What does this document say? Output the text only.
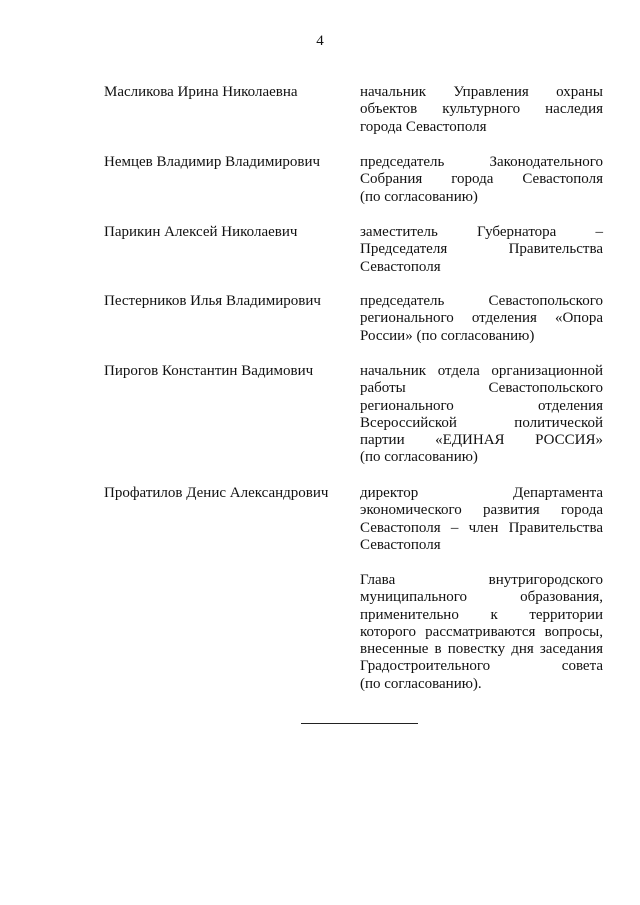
4
Масликова Ирина Николаевна	начальник Управления охраны
объектов культурного наследия
города Севастополя
Немцев Владимир Владимирович	председатель Законодательного
Собрания города Севастополя
(по согласованию)
Парикин Алексей Николаевич	заместитель Губернатора –
Председателя Правительства
Севастополя
Пестерников Илья Владимирович	председатель Севастопольского
регионального отделения «Опора
России» (по согласованию)
Пирогов Константин Вадимович	начальник отдела организационной
работы Севастопольского
регионального отделения
Всероссийской политической
партии «ЕДИНАЯ РОССИЯ»
(по согласованию)
Профатилов Денис Александрович	директор Департамента
экономического развития города
Севастополя – член Правительства
Севастополя
Глава внутригородского
муниципального образования,
применительно к территории
которого рассматриваются вопросы,
внесенные в повестку дня заседания
Градостроительного совета
(по согласованию).
